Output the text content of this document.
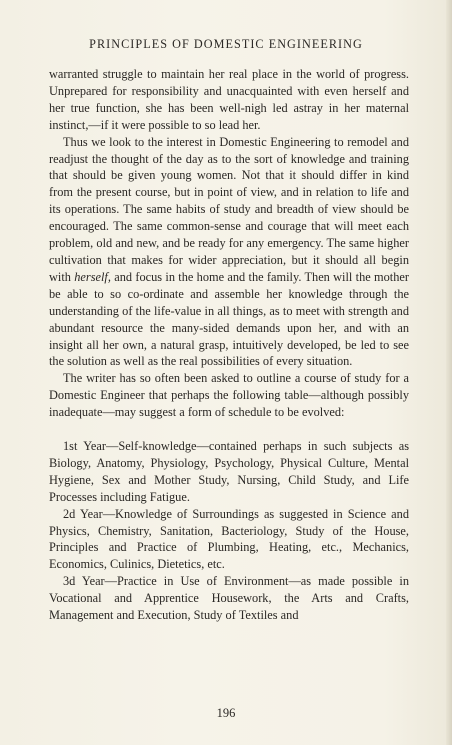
PRINCIPLES OF DOMESTIC ENGINEERING

warranted struggle to maintain her real place in the world of progress. Unprepared for responsibility and unacquainted with even herself and her true function, she has been well-nigh led astray in her maternal instinct,—if it were possible to so lead her.

Thus we look to the interest in Domestic Engineering to remodel and readjust the thought of the day as to the sort of knowledge and training that should be given young women. Not that it should differ in kind from the present course, but in point of view, and in relation to life and its operations. The same habits of study and breadth of view should be encouraged. The same common-sense and courage that will meet each problem, old and new, and be ready for any emergency. The same higher cultivation that makes for wider appreciation, but it should all begin with herself, and focus in the home and the family. Then will the mother be able to so co-ordinate and assemble her knowledge through the understanding of the life-value in all things, as to meet with strength and abundant resource the many-sided demands upon her, and with an insight all her own, a natural grasp, intuitively developed, be led to see the solution as well as the real possibilities of every situation.

The writer has so often been asked to outline a course of study for a Domestic Engineer that perhaps the following table—although possibly inadequate—may suggest a form of schedule to be evolved:

1st Year—Self-knowledge—contained perhaps in such subjects as Biology, Anatomy, Physiology, Psychology, Physical Culture, Mental Hygiene, Sex and Mother Study, Nursing, Child Study, and Life Processes including Fatigue.

2d Year—Knowledge of Surroundings as suggested in Science and Physics, Chemistry, Sanitation, Bacteriology, Study of the House, Principles and Practice of Plumbing, Heating, etc., Mechanics, Economics, Culinics, Dietetics, etc.

3d Year—Practice in Use of Environment—as made possible in Vocational and Apprentice Housework, the Arts and Crafts, Management and Execution, Study of Textiles and

196
